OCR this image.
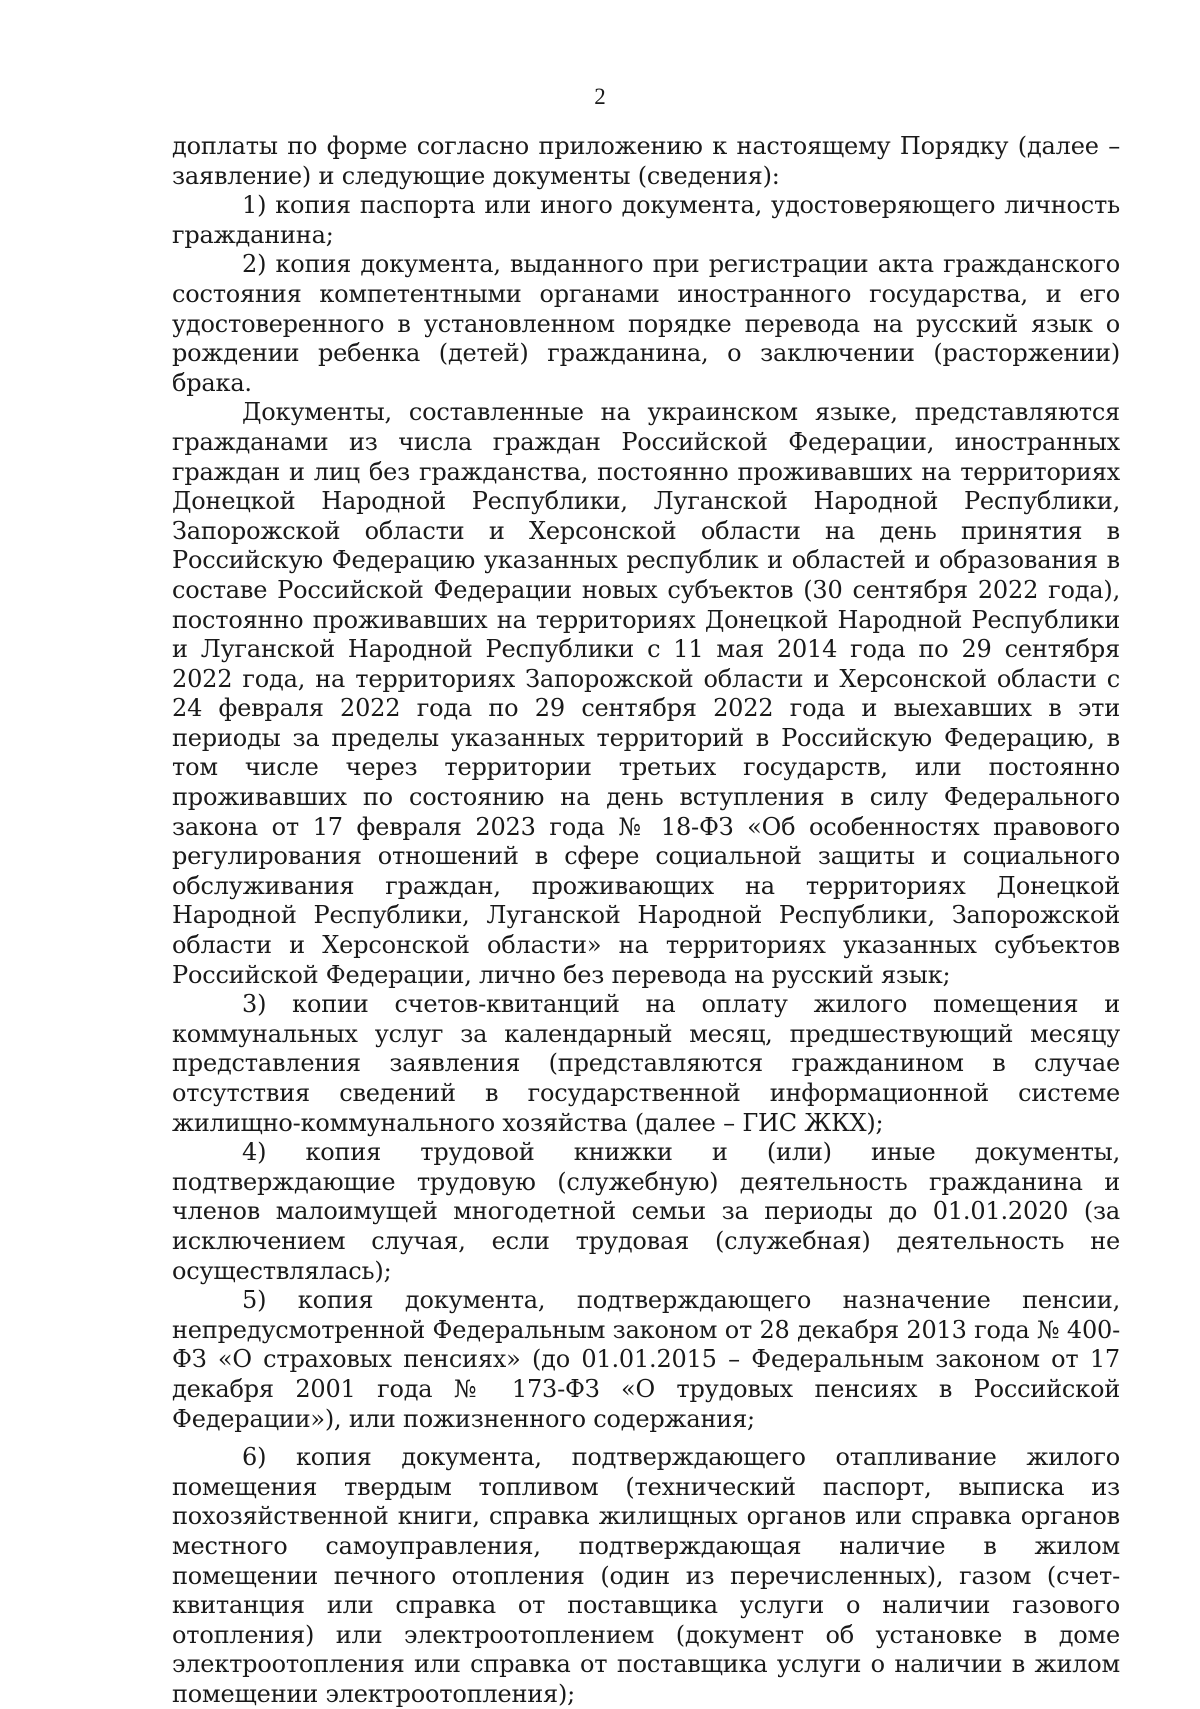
2

доплаты по форме согласно приложению к настоящему Порядку (далее – заявление) и следующие документы (сведения):

1) копия паспорта или иного документа, удостоверяющего личность гражданина;

2) копия документа, выданного при регистрации акта гражданского состояния компетентными органами иностранного государства, и его удостоверенного в установленном порядке перевода на русский язык о рождении ребенка (детей) гражданина, о заключении (расторжении) брака.

Документы, составленные на украинском языке, представляются гражданами из числа граждан Российской Федерации, иностранных граждан и лиц без гражданства, постоянно проживавших на территориях Донецкой Народной Республики, Луганской Народной Республики, Запорожской области и Херсонской области на день принятия в Российскую Федерацию указанных республик и областей и образования в составе Российской Федерации новых субъектов (30 сентября 2022 года), постоянно проживавших на территориях Донецкой Народной Республики и Луганской Народной Республики с 11 мая 2014 года по 29 сентября 2022 года, на территориях Запорожской области и Херсонской области с 24 февраля 2022 года по 29 сентября 2022 года и выехавших в эти периоды за пределы указанных территорий в Российскую Федерацию, в том числе через территории третьих государств, или постоянно проживавших по состоянию на день вступления в силу Федерального закона от 17 февраля 2023 года № 18-ФЗ «Об особенностях правового регулирования отношений в сфере социальной защиты и социального обслуживания граждан, проживающих на территориях Донецкой Народной Республики, Луганской Народной Республики, Запорожской области и Херсонской области» на территориях указанных субъектов Российской Федерации, лично без перевода на русский язык;

3) копии счетов-квитанций на оплату жилого помещения и коммунальных услуг за календарный месяц, предшествующий месяцу представления заявления (представляются гражданином в случае отсутствия сведений в государственной информационной системе жилищно-коммунального хозяйства (далее – ГИС ЖКХ);

4) копия трудовой книжки и (или) иные документы, подтверждающие трудовую (служебную) деятельность гражданина и членов малоимущей многодетной семьи за периоды до 01.01.2020 (за исключением случая, если трудовая (служебная) деятельность не осуществлялась);

5) копия документа, подтверждающего назначение пенсии, непредусмотренной Федеральным законом от 28 декабря 2013 года № 400-ФЗ «О страховых пенсиях» (до 01.01.2015 – Федеральным законом от 17 декабря 2001 года № 173-ФЗ «О трудовых пенсиях в Российской Федерации»), или пожизненного содержания;

6) копия документа, подтверждающего отапливание жилого помещения твердым топливом (технический паспорт, выписка из похозяйственной книги, справка жилищных органов или справка органов местного самоуправления, подтверждающая наличие в жилом помещении печного отопления (один из перечисленных), газом (счет-квитанция или справка от поставщика услуги о наличии газового отопления) или электроотоплением (документ об установке в доме электроотопления или справка от поставщика услуги о наличии в жилом помещении электроотопления);
